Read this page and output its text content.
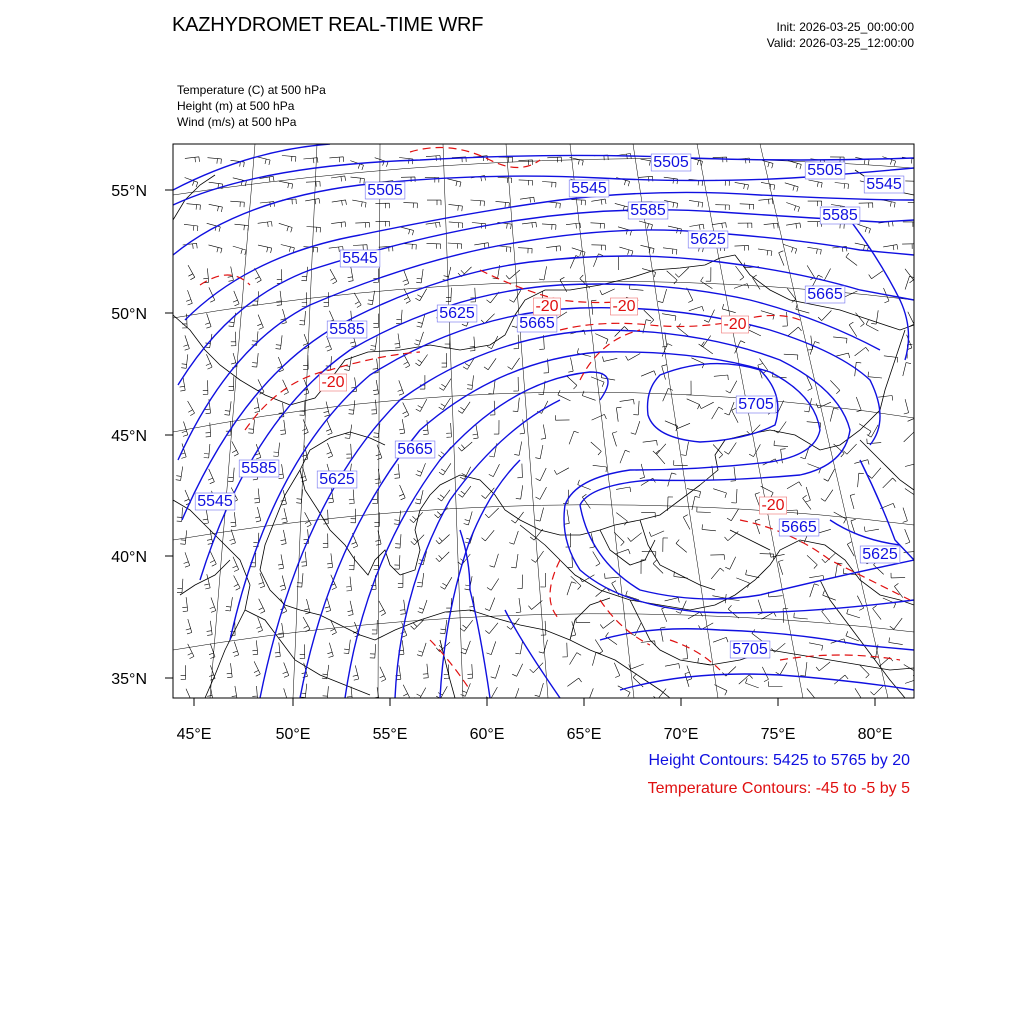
KAZHYDROMET REAL-TIME WRF	Init: 2026-03-25_00:00:00
Valid: 2026-03-25_12:00:00
Temperature (C) at 500 hPa
Height (m) at 500 hPa
Wind (m/s) at 500 hPa
45°E	50°E	55°E	60°E	65°E	70°E	75°E	80°E
55°N
50°N
45°N
40°N
35°N
5505	5505
5505	5545	5545
5545
5545
5585	5585
5585
5585
5625
5625
5625
5625
5665
5665
5665
5665
5705
5705
-20	-20
-20
-20
-20
Height Contours: 5425 to 5765 by 20
Temperature Contours: -45 to -5 by 5
